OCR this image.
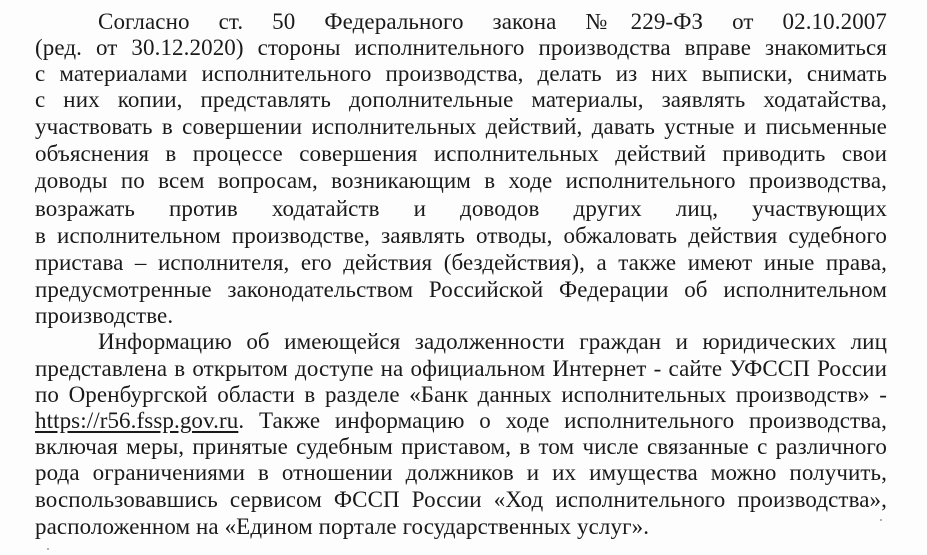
Согласно ст. 50 Федерального закона №229-ФЗ от 02.10.2007

(ред. от 30.12.2020) стороны исполнительного производства вправе знакомиться

с материалами исполнительного производства, делать из них выписки, снимать

с них копии, представлять дополнительные материалы, заявлять ходатайства,

участвовать в совершении исполнительных действий, давать устные и письменные

объяснения в процессе совершения исполнительных действий приводить свои

доводы по всем вопросам, возникающим в ходе исполнительного производства,

возражать против ходатайств и доводов других лиц, участвующих

в исполнительном производстве, заявлять отводы, обжаловать действия судебного

пристава – исполнителя, его действия (бездействия), а также имеют иные права,

предусмотренные законодательством Российской Федерации об исполнительном

производстве.

Информацию об имеющейся задолженности граждан и юридических лиц

представлена в открытом доступе на официальном Интернет - сайте УФССП России

по Оренбургской области в разделе «Банк данных исполнительных производств» -

https://r56.fssp.gov.ru. Также информацию о ходе исполнительного производства,

включая меры, принятые судебным приставом, в том числе связанные с различного

рода ограничениями в отношении должников и их имущества можно получить,

воспользовавшись сервисом ФССП России «Ход исполнительного производства»,

расположенном на «Едином портале государственных услуг».
